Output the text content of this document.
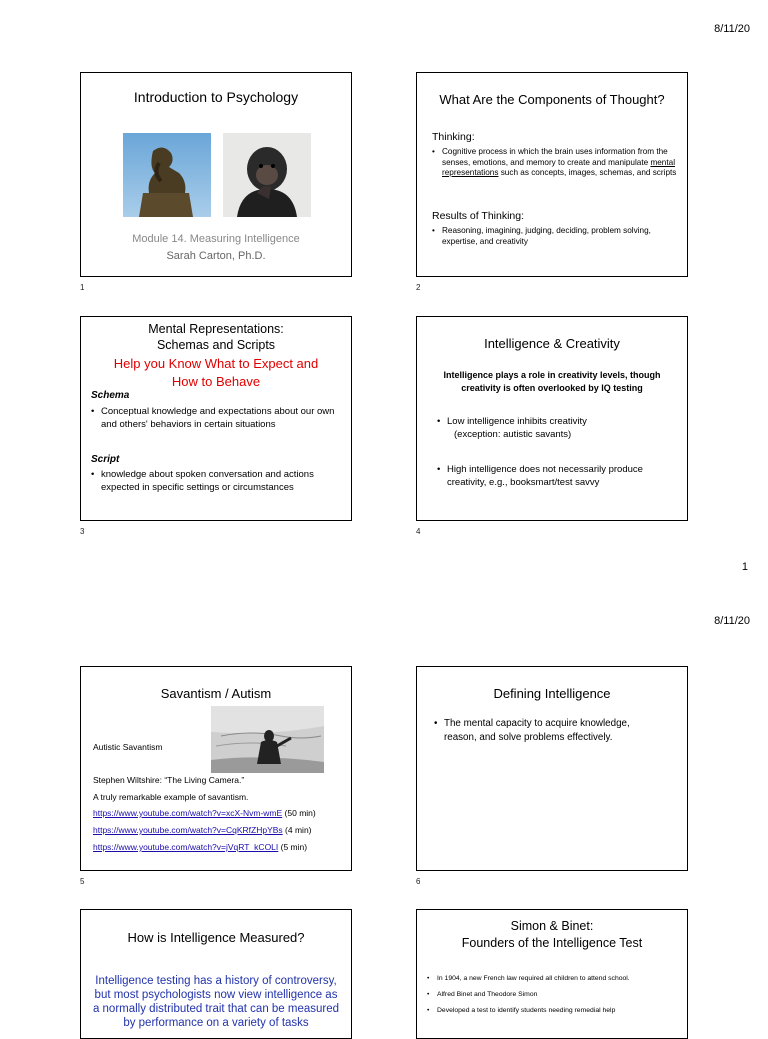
8/11/20
Introduction to Psychology
Module 14. Measuring Intelligence
Sarah Carton, Ph.D.
1
What Are the Components of Thought?
Thinking:
• Cognitive process in which the brain uses information from the senses, emotions, and memory to create and manipulate mental representations such as concepts, images, schemas, and scripts
Results of Thinking:
• Reasoning, imagining, judging, deciding, problem solving, expertise, and creativity
2
Mental Representations:
Schemas and Scripts
Help you Know What to Expect and
How to Behave
Schema
• Conceptual knowledge and expectations about our own and others' behaviors in certain situations
Script
• knowledge about spoken conversation and actions expected in specific settings or circumstances
3
Intelligence & Creativity
Intelligence plays a role in creativity levels, though
creativity is often overlooked by IQ testing
• Low intelligence inhibits creativity
(exception: autistic savants)
• High intelligence does not necessarily produce
creativity, e.g., booksmart/test savvy
4
1
8/11/20
Savantism / Autism
Autistic Savantism
Stephen Wiltshire: “The Living Camera.”
A truly remarkable example of savantism.
https://www.youtube.com/watch?v=xcX-Nvm-wmE (50 min)
https://www.youtube.com/watch?v=CqKRfZHpYBs (4 min)
https://www.youtube.com/watch?v=jVqRT_kCOLI (5 min)
5
Defining Intelligence
• The mental capacity to acquire knowledge,
reason, and solve problems effectively.
6
How is Intelligence Measured?
Intelligence testing has a history of controversy,
but most psychologists now view intelligence as
a normally distributed trait that can be measured
by performance on a variety of tasks
Simon & Binet:
Founders of the Intelligence Test
• In 1904, a new French law required all children to attend school.
• Alfred Binet and Theodore Simon
• Developed a test to identify students needing remedial help
